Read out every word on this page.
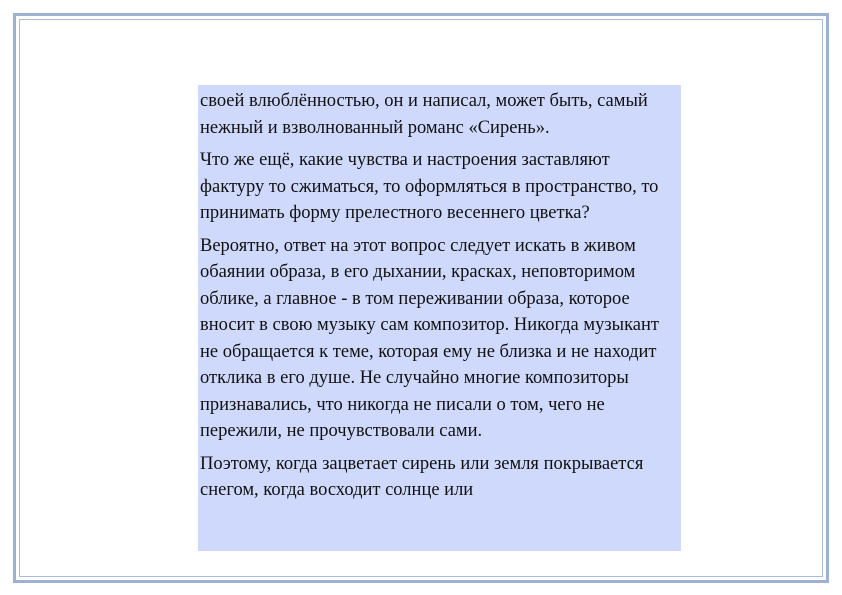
своей влюблённостью, он и написал, может быть, самый нежный и взволнованный романс «Сирень».

Что же ещё, какие чувства и настроения заставляют фактуру то сжиматься, то оформляться в пространство, то принимать форму прелестного весеннего цветка?

Вероятно, ответ на этот вопрос следует искать в живом обаянии образа, в его дыхании, красках, неповторимом облике, а главное - в том переживании образа, которое вносит в свою музыку сам композитор. Никогда музыкант не обращается к теме, которая ему не близка и не находит отклика в его душе. Не случайно многие композиторы признавались, что никогда не писали о том, чего не пережили, не прочувствовали сами.

Поэтому, когда зацветает сирень или земля покрывается снегом, когда восходит солнце или
